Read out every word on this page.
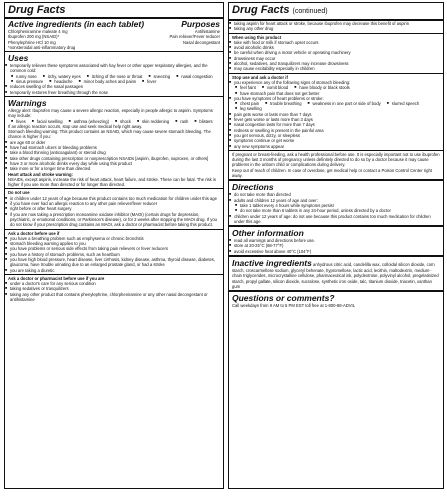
Drug Facts
Active ingredients (in each tablet)	Purposes
Chlorpheniramine maleate 4 mg	Antihistamine
Ibuprofen 200 mg (NSAID)*	Pain reliever/Fever reducer
Phenylephrine HCl 10 mg	Nasal decongestant
*nonsteroidal anti-inflammatory drug
Uses
■ temporarily relieves these symptoms associated with hay fever or other upper respiratory allergies, and the common cold:
■ runny nose	■ itchy, watery eyes	■ itching of the nose or throat	■ sneezing	■ nasal congestion
■ sinus pressure	■ headache	■ minor body aches and pains	■ fever
■ reduces swelling of the nasal passages
■ temporarily restores freer breathing through the nose
Warnings
Allergy alert: Ibuprofen may cause a severe allergic reaction, especially in people allergic to aspirin. Symptoms may include:
■ hives	■ facial swelling	■ asthma (wheezing)	■ shock	■ skin reddening	■ rash	■ blisters
If an allergic reaction occurs, stop use and seek medical help right away.
Stomach bleeding warning: This product contains an NSAID, which may cause severe stomach bleeding. The chance is higher if you:
■ are age 60 or older
■ have had stomach ulcers or bleeding problems
■ take a blood thinning (anticoagulant) or steroid drug
■ take other drugs containing prescription or nonprescription NSAIDs [aspirin, ibuprofen, naproxen, or others]
■ have 3 or more alcoholic drinks every day while using this product
■ take more or for a longer time than directed
Heart attack and stroke warning:
NSAIDs, except aspirin, increase the risk of heart attack, heart failure, and stroke. These can be fatal. The risk is higher if you use more than directed or for longer than directed.
Do not use
■ in children under 12 years of age because this product contains too much medication for children under this age
■ if you have ever had an allergic reaction to any other pain reliever/fever reducer
■ right before or after heart surgery
■ if you are now taking a prescription monoamine oxidase inhibitor (MAOI) (certain drugs for depression, psychiatric, or emotional conditions, or Parkinson's disease), or for 2 weeks after stopping the MAOI drug. If you do not know if your prescription drug contains an MAOI, ask a doctor or pharmacist before taking this product.
Ask a doctor before use if
■ you have a breathing problem such as emphysema or chronic bronchitis
■ stomach bleeding warning applies to you
■ you have problems or serious side effects from taking pain relievers or fever reducers
■ you have a history of stomach problems, such as heartburn
■ you have high blood pressure, heart disease, liver cirrhosis, kidney disease, asthma, thyroid disease, diabetes, glaucoma, have trouble urinating due to an enlarged prostate gland, or had a stroke
■ you are taking a diuretic
Ask a doctor or pharmacist before use if you are
■ under a doctor's care for any serious condition
■ taking sedatives or tranquilizers
■ taking any other product that contains phenylephrine, chlorpheniramine or any other nasal decongestant or antihistamine
Drug Facts (continued)
■ taking aspirin for heart attack or stroke, because ibuprofen may decrease this benefit of aspirin
■ taking any other drug
When using this product
■ take with food or milk if stomach upset occurs
■ avoid alcoholic drinks
■ be careful when driving a motor vehicle or operating machinery
■ drowsiness may occur
■ alcohol, sedatives, and tranquilizers may increase drowsiness
■ may cause excitability especially in children
Stop use and ask a doctor if
■ you experience any of the following signs of stomach bleeding:
■ feel faint	■ vomit blood	■ have bloody or black stools
■ have stomach pain that does not get better
■ you have symptoms of heart problems or stroke:
■ chest pain	■ trouble breathing	■ weakness in one part or side of body	■ slurred speech
■ leg swelling
■ pain gets worse or lasts more than 7 days
■ fever gets worse or lasts more than 3 days
■ nasal congestion lasts for more than 7 days
■ redness or swelling is present in the painful area
■ you get nervous, dizzy, or sleepless
■ symptoms continue or get worse
■ any new symptoms appear
If pregnant or breast-feeding, ask a health professional before use. It is especially important not to use ibuprofen during the last 3 months of pregnancy unless definitely directed to do so by a doctor because it may cause problems in the unborn child or complications during delivery.
Keep out of reach of children. In case of overdose, get medical help or contact a Poison Control Center right away.
Directions
■ do not take more than directed
■ adults and children 12 years of age and over:
■ take 1 tablet every 4 hours while symptoms persist
■ do not take more than 6 tablets in any 24-hour period, unless directed by a doctor
■ children under 12 years of age: do not use because this product contains too much medication for children under this age
Other information
■ read all warnings and directions before use.
■ store at 20-25°C (68-77°F)
■ avoid excessive heat above 40°C (104°F)
Inactive ingredients anhydrous citric acid, candelilla wax, colloidal silicon dioxide, corn starch, croscarmellose sodium, glyceryl behenate, hypromellose, lactic acid, lecithin, maltodextrin, medium-chain triglycerides, microcrystalline cellulose, pharmaceutical ink, polydextrose, polyvinyl alcohol, pregelatinized starch, propyl gallate, silicon dioxide, sucralose, synthetic iron oxide, talc, titanium dioxide, triacetin, xanthan gum
Questions or comments?
Call weekdays from 9 AM to 5 PM EST toll free at 1-800-88-ADVIL
